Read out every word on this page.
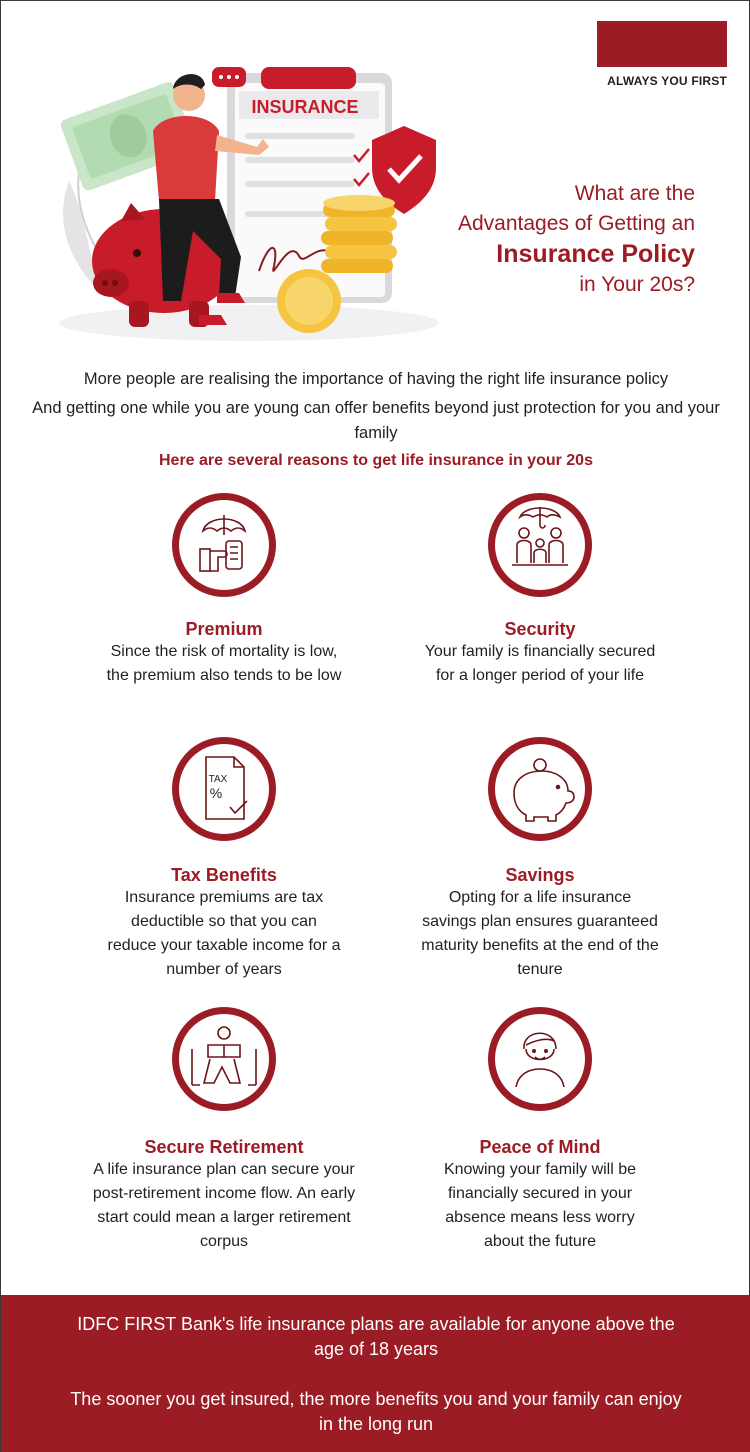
ALWAYS YOU FIRST
INSURANCE
What are the
Advantages of Getting an
Insurance Policy
in Your 20s?

More people are realising the importance of having the right life insurance policy

And getting one while you are young can offer benefits beyond just protection for you and your family

Here are several reasons to get life insurance in your 20s
Premium
Since the risk of mortality is low, the premium also tends to be low
Security
Your family is financially secured for a longer period of your life
TAX
%
Tax Benefits
Insurance premiums are tax deductible so that you can reduce your taxable income for a number of years
Savings
Opting for a life insurance savings plan ensures guaranteed maturity benefits at the end of the tenure
Secure Retirement
A life insurance plan can secure your post-retirement income flow. An early start could mean a larger retirement corpus
Peace of Mind
Knowing your family will be financially secured in your absence means less worry about the future

IDFC FIRST Bank's life insurance plans are available for anyone above the age of 18 years

The sooner you get insured, the more benefits you and your family can enjoy in the long run
